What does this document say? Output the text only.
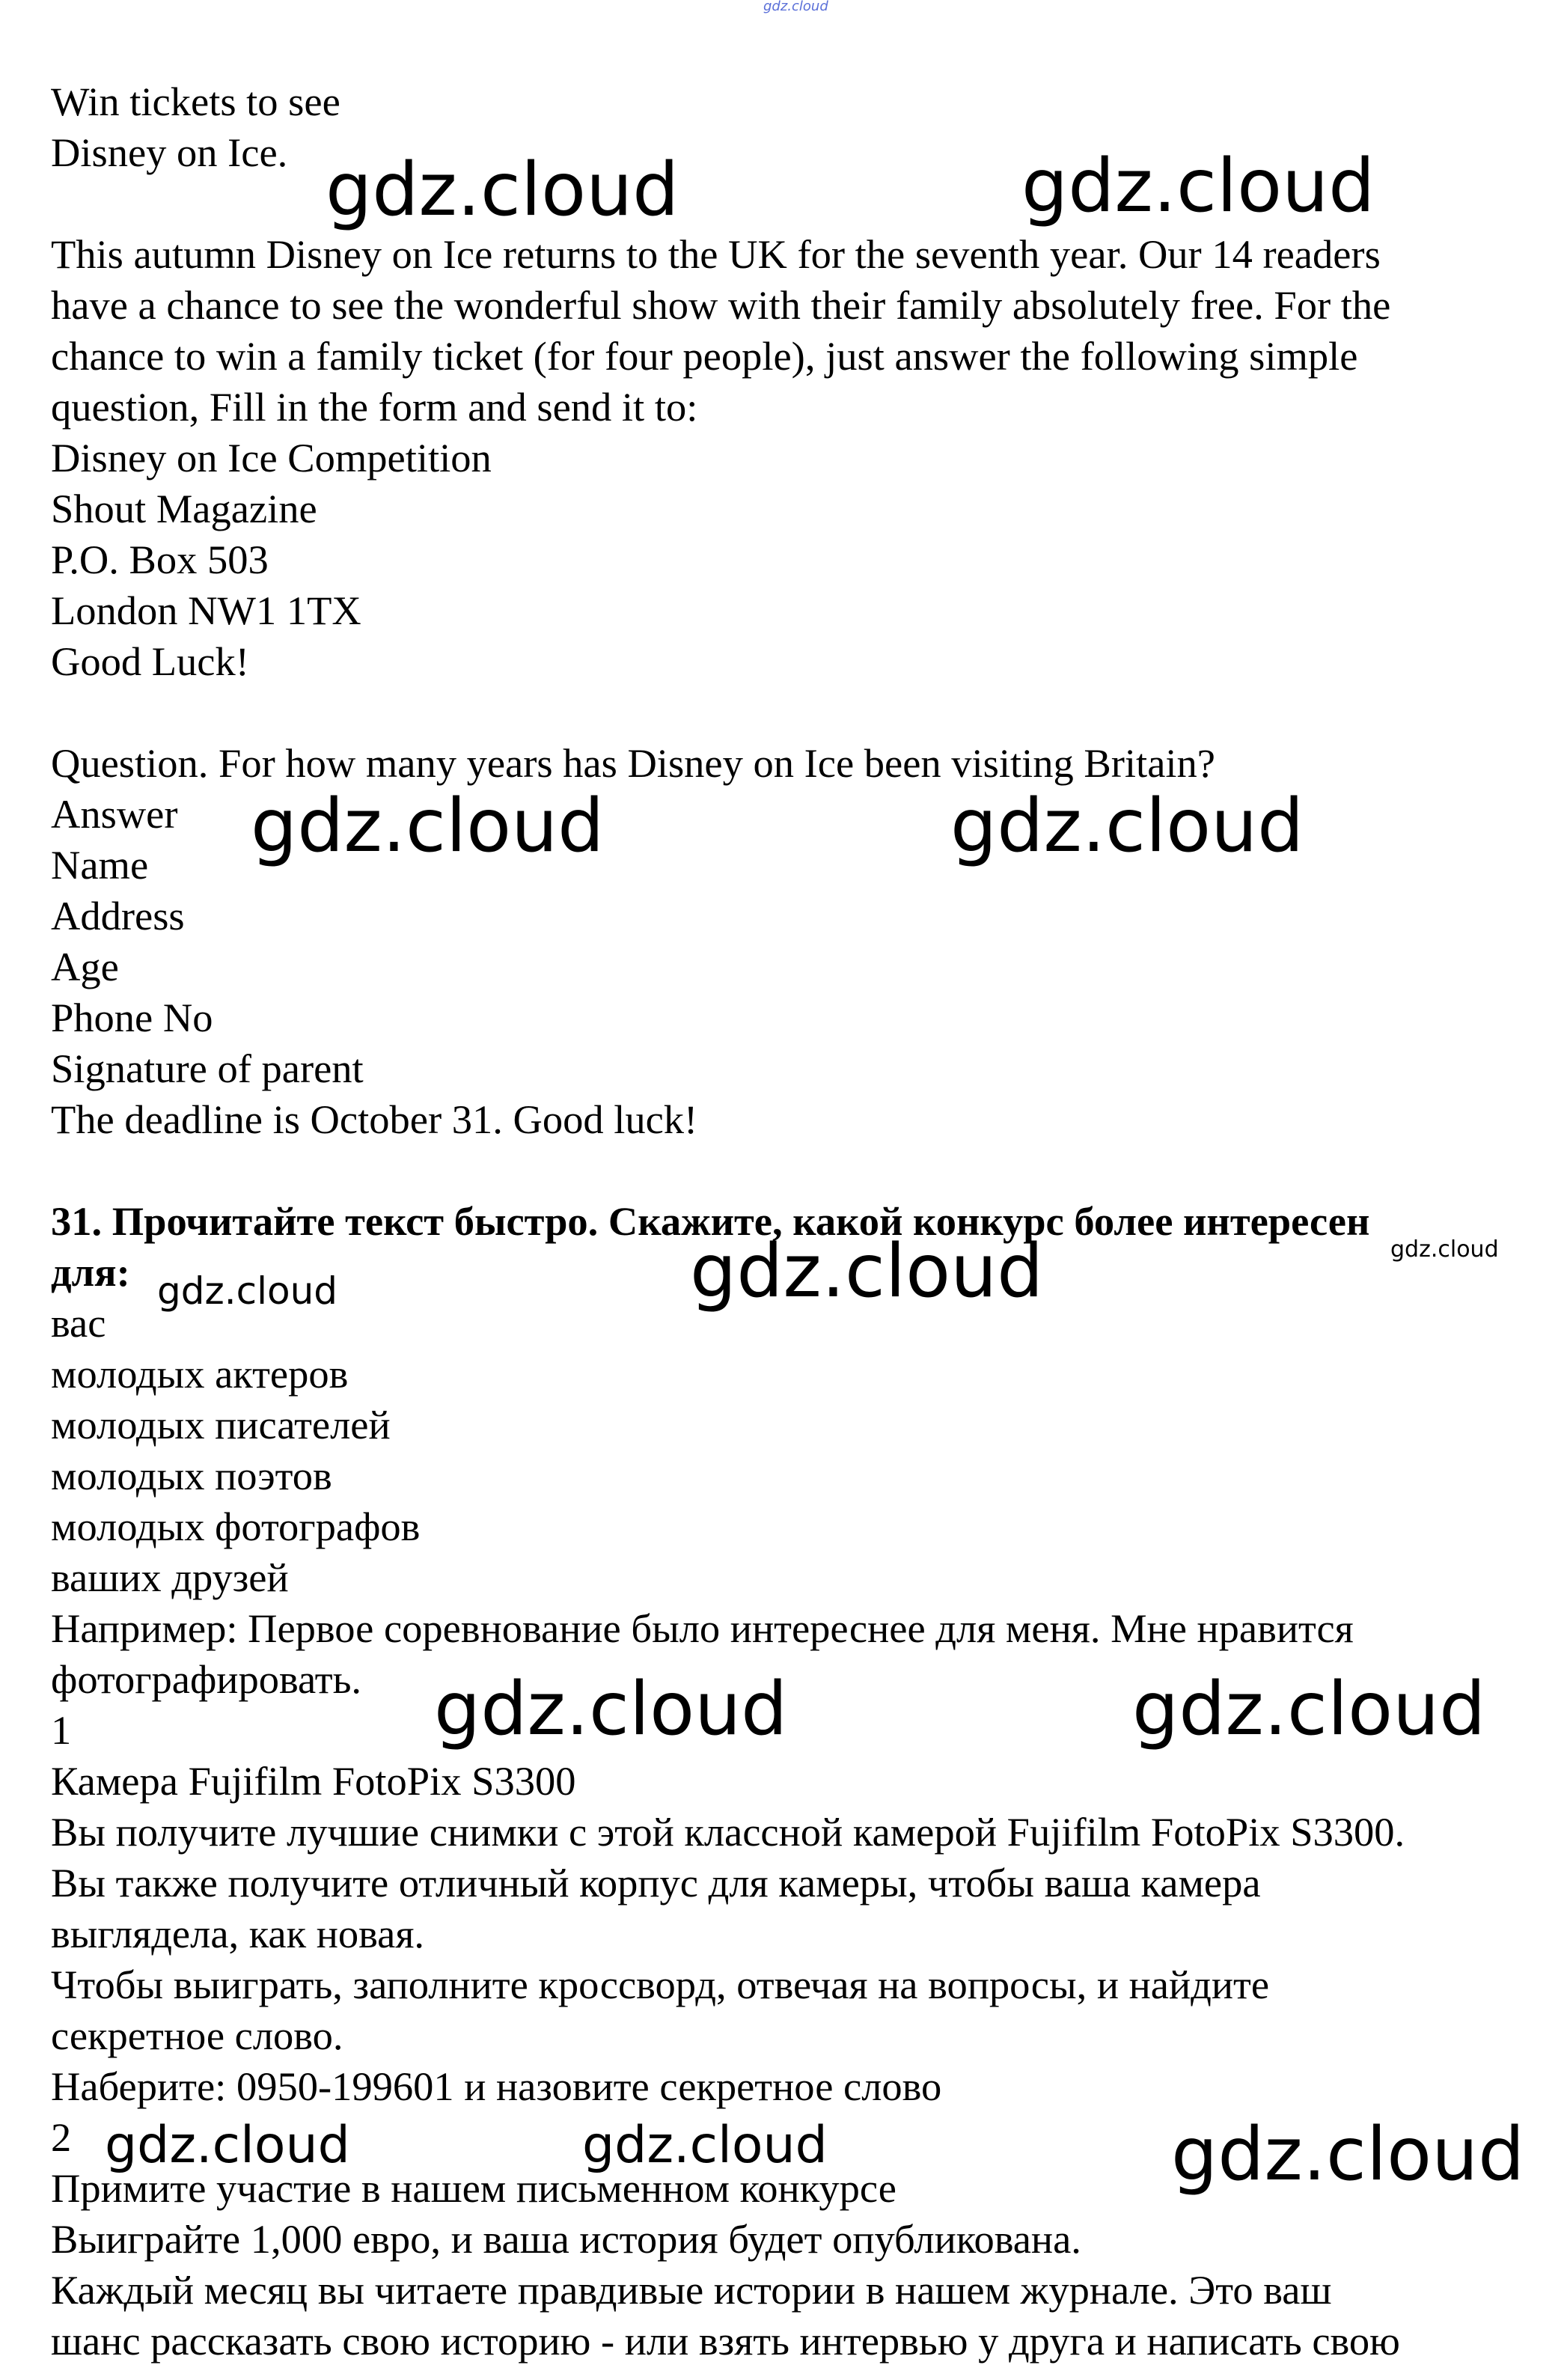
gdz.cloud
Win tickets to see
Disney on Ice.
This autumn Disney on Ice returns to the UK for the seventh year. Our 14 readers
have a chance to see the wonderful show with their family absolutely free. For the
chance to win a family ticket (for four people), just answer the following simple
question, Fill in the form and send it to:
Disney on Ice Competition
Shout Magazine
P.O. Box 503
London NW1 1TX
Good Luck!
Question. For how many years has Disney on Ice been visiting Britain?
Answer
Name
Address
Age
Phone No
Signature of parent
The deadline is October 31. Good luck!
31. Прочитайте текст быстро. Скажите, какой конкурс более интересен
для:
вас
молодых актеров
молодых писателей
молодых поэтов
молодых фотографов
ваших друзей
Например: Первое соревнование было интереснее для меня. Мне нравится
фотографировать.
1
Камера Fujifilm FotoPix S3300
Вы получите лучшие снимки с этой классной камерой Fujifilm FotoPix S3300.
Вы также получите отличный корпус для камеры, чтобы ваша камера
выглядела, как новая.
Чтобы выиграть, заполните кроссворд, отвечая на вопросы, и найдите
секретное слово.
Наберите: 0950-199601 и назовите секретное слово
2
Примите участие в нашем письменном конкурсе
Выиграйте 1,000 евро, и ваша история будет опубликована.
Каждый месяц вы читаете правдивые истории в нашем журнале. Это ваш
шанс рассказать свою историю - или взять интервью у друга и написать свою
gdz.cloud	gdz.cloud
gdz.cloud	gdz.cloud
gdz.cloud	gdz.cloud	gdz.cloud
gdz.cloud	gdz.cloud
gdz.cloud	gdz.cloud	gdz.cloud
